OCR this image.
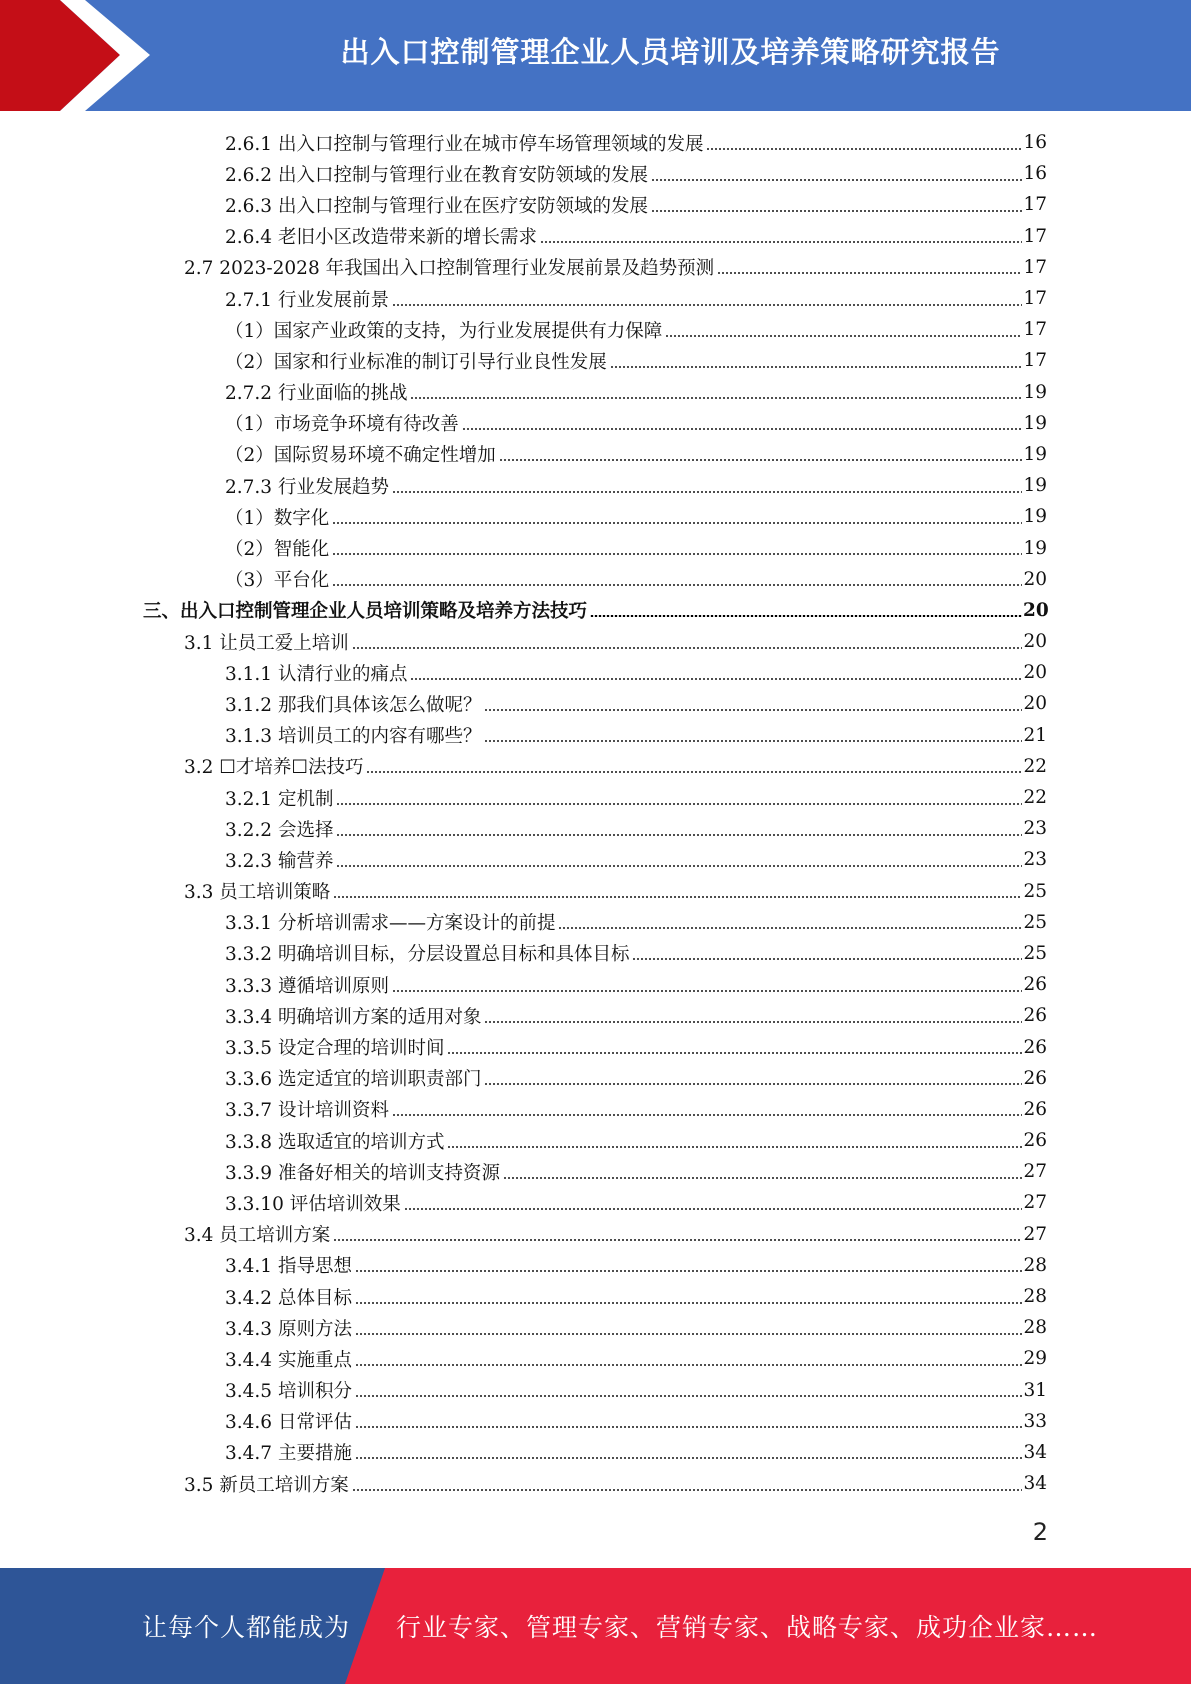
出入口控制管理企业人员培训及培养策略研究报告
2.6.1 出入口控制与管理行业在城市停车场管理领域的发展	16
2.6.2 出入口控制与管理行业在教育安防领域的发展	16
2.6.3 出入口控制与管理行业在医疗安防领域的发展	17
2.6.4 老旧小区改造带来新的增长需求	17
2.7 2023-2028 年我国出入口控制管理行业发展前景及趋势预测	17
2.7.1 行业发展前景	17
（1）国家产业政策的支持，为行业发展提供有力保障	17
（2）国家和行业标准的制订引导行业良性发展	17
2.7.2 行业面临的挑战	19
（1）市场竞争环境有待改善	19
（2）国际贸易环境不确定性增加	19
2.7.3 行业发展趋势	19
（1）数字化	19
（2）智能化	19
（3）平台化	20
三、出入口控制管理企业人员培训策略及培养方法技巧	20
3.1 让员工爱上培训	20
3.1.1 认清行业的痛点	20
3.1.2 那我们具体该怎么做呢？	20
3.1.3 培训员工的内容有哪些？	21
3.2 ☐才培养☐法技巧	22
3.2.1 定机制	22
3.2.2 会选择	23
3.2.3 输营养	23
3.3 员工培训策略	25
3.3.1 分析培训需求——方案设计的前提	25
3.3.2 明确培训目标，分层设置总目标和具体目标	25
3.3.3 遵循培训原则	26
3.3.4 明确培训方案的适用对象	26
3.3.5 设定合理的培训时间	26
3.3.6 选定适宜的培训职责部门	26
3.3.7 设计培训资料	26
3.3.8 选取适宜的培训方式	26
3.3.9 准备好相关的培训支持资源	27
3.3.10 评估培训效果	27
3.4 员工培训方案	27
3.4.1 指导思想	28
3.4.2 总体目标	28
3.4.3 原则方法	28
3.4.4 实施重点	29
3.4.5 培训积分	31
3.4.6 日常评估	33
3.4.7 主要措施	34
3.5 新员工培训方案	34
2
让每个人都能成为 行业专家、管理专家、营销专家、战略专家、成功企业家……
